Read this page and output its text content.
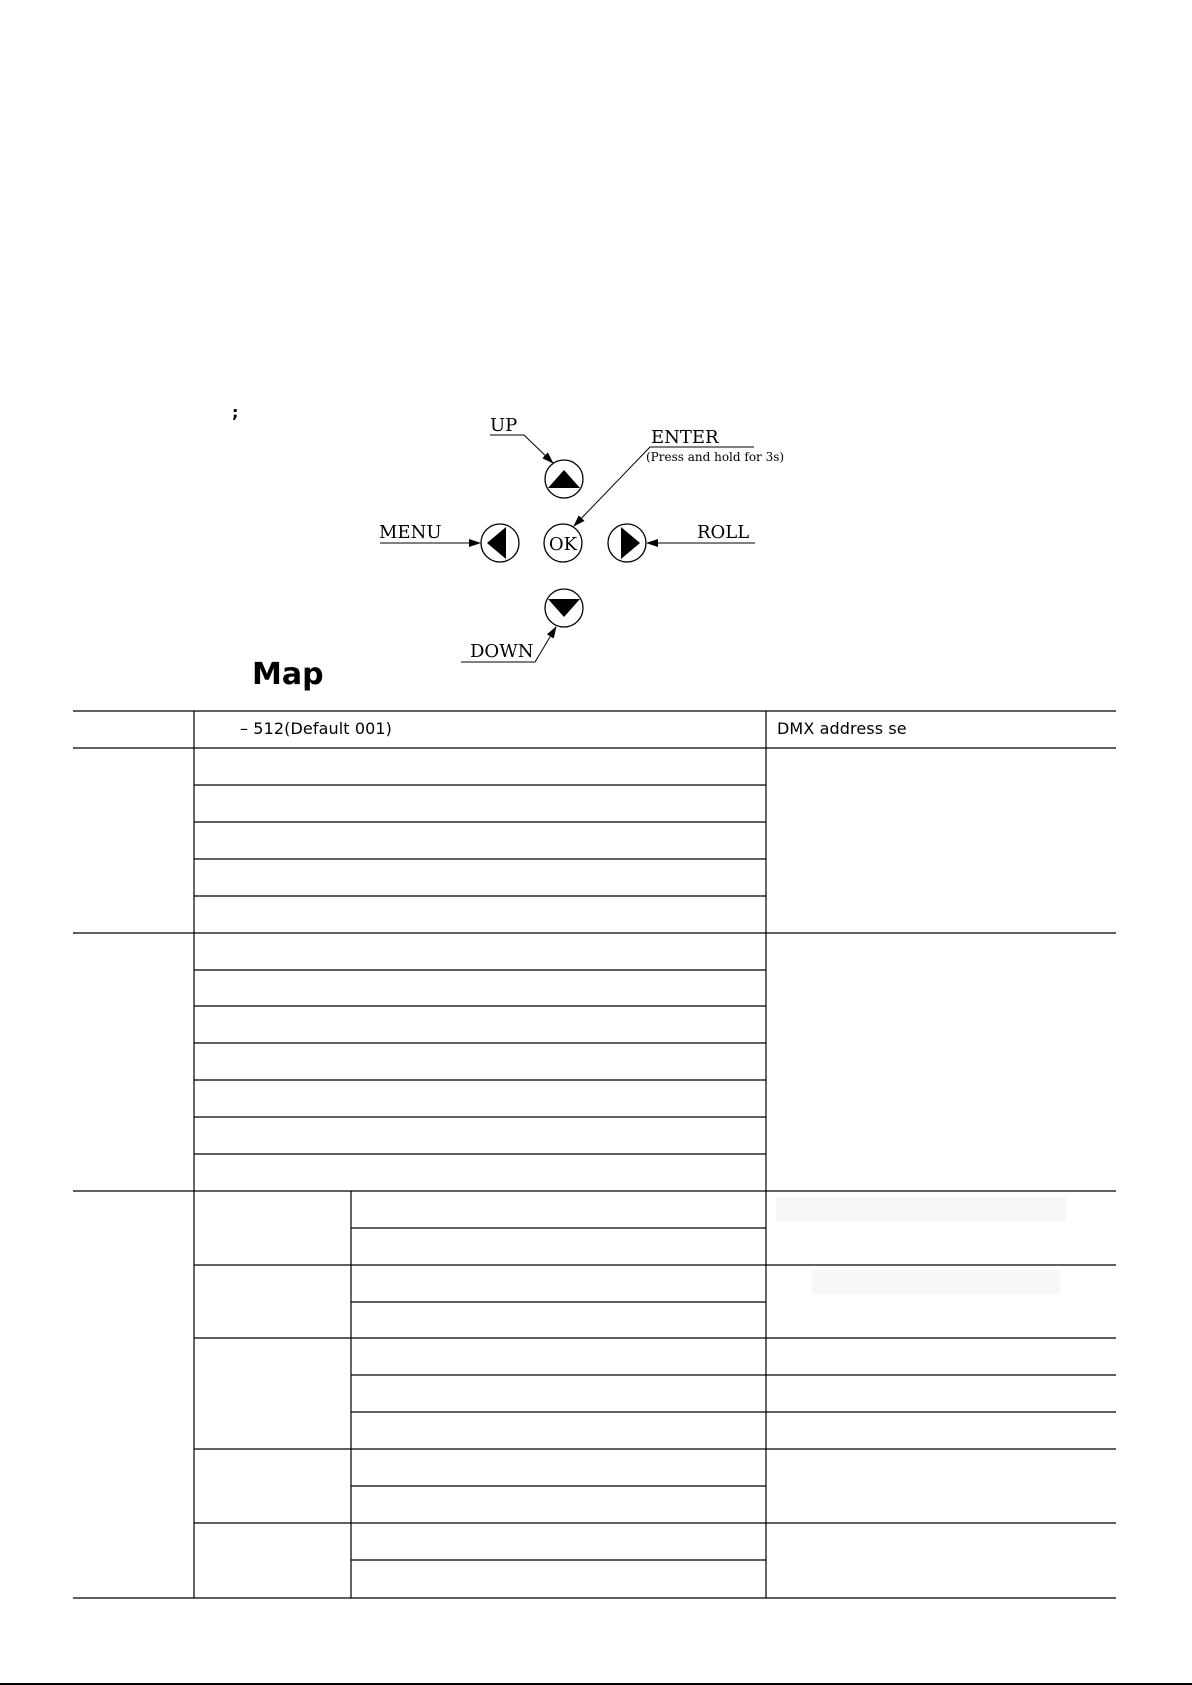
;
OK
UP
ENTER
(Press and hold for 3s)
MENU	ROLL
DOWN
Map
– 512(Default 001)	DMX address se
